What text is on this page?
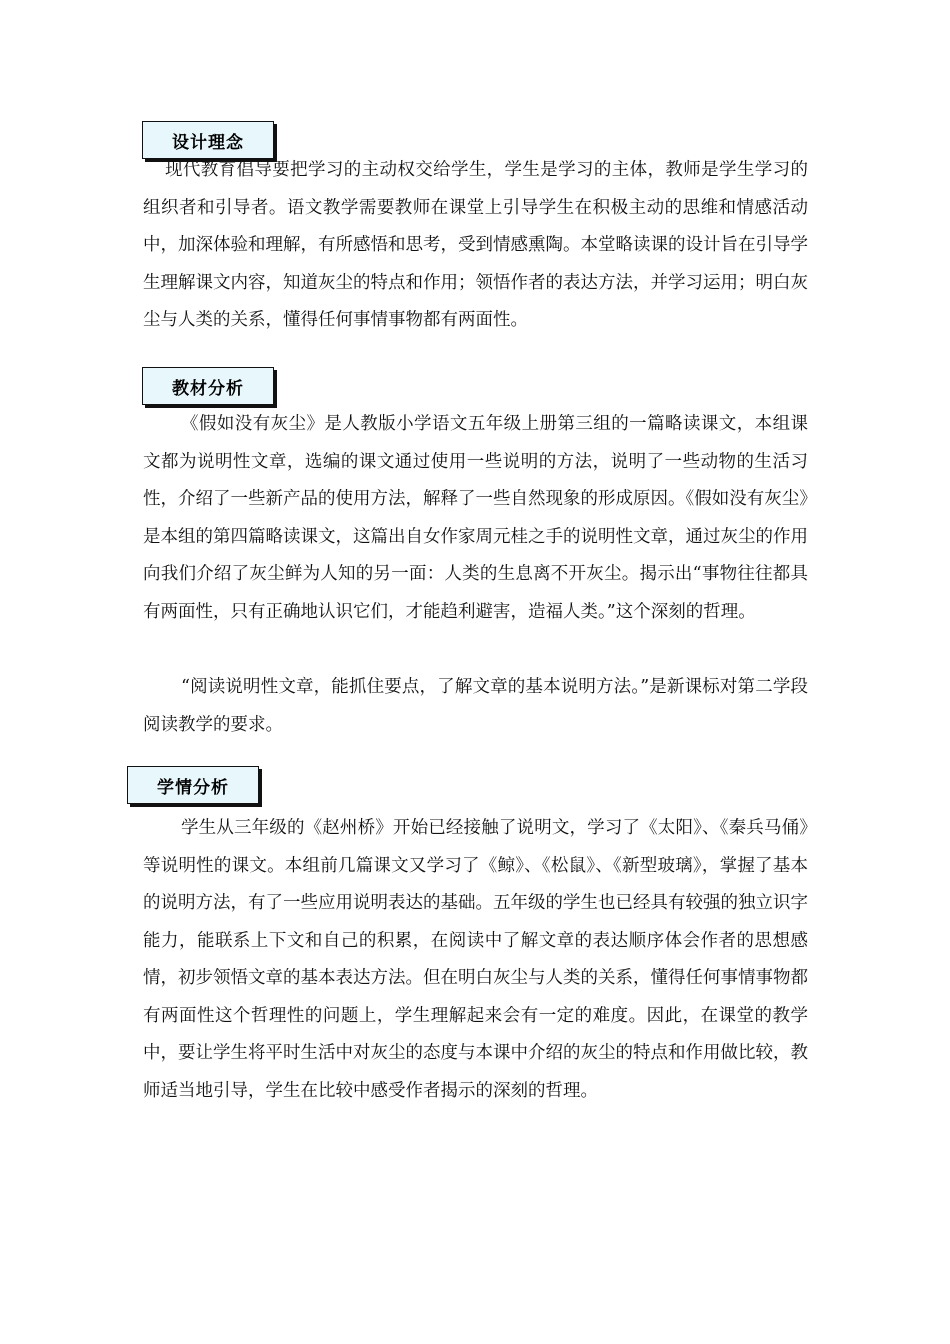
设计理念

现代教育倡导要把学习的主动权交给学生，学生是学习的主体，教师是学生学习的组织者和引导者。语文教学需要教师在课堂上引导学生在积极主动的思维和情感活动中，加深体验和理解，有所感悟和思考，受到情感熏陶。本堂略读课的设计旨在引导学生理解课文内容，知道灰尘的特点和作用；领悟作者的表达方法，并学习运用；明白灰尘与人类的关系，懂得任何事情事物都有两面性。

教材分析

《假如没有灰尘》是人教版小学语文五年级上册第三组的一篇略读课文，本组课文都为说明性文章，选编的课文通过使用一些说明的方法，说明了一些动物的生活习性，介绍了一些新产品的使用方法，解释了一些自然现象的形成原因。《假如没有灰尘》是本组的第四篇略读课文，这篇出自女作家周元桂之手的说明性文章，通过灰尘的作用向我们介绍了灰尘鲜为人知的另一面：人类的生息离不开灰尘。揭示出“事物往往都具有两面性，只有正确地认识它们，才能趋利避害，造福人类。”这个深刻的哲理。

“阅读说明性文章，能抓住要点，了解文章的基本说明方法。”是新课标对第二学段阅读教学的要求。

学情分析

学生从三年级的《赵州桥》开始已经接触了说明文，学习了《太阳》、《秦兵马俑》等说明性的课文。本组前几篇课文又学习了《鲸》、《松鼠》、《新型玻璃》，掌握了基本的说明方法，有了一些应用说明表达的基础。五年级的学生也已经具有较强的独立识字能力，能联系上下文和自己的积累，在阅读中了解文章的表达顺序体会作者的思想感情，初步领悟文章的基本表达方法。但在明白灰尘与人类的关系，懂得任何事情事物都有两面性这个哲理性的问题上，学生理解起来会有一定的难度。因此，在课堂的教学中，要让学生将平时生活中对灰尘的态度与本课中介绍的灰尘的特点和作用做比较，教师适当地引导，学生在比较中感受作者揭示的深刻的哲理。
